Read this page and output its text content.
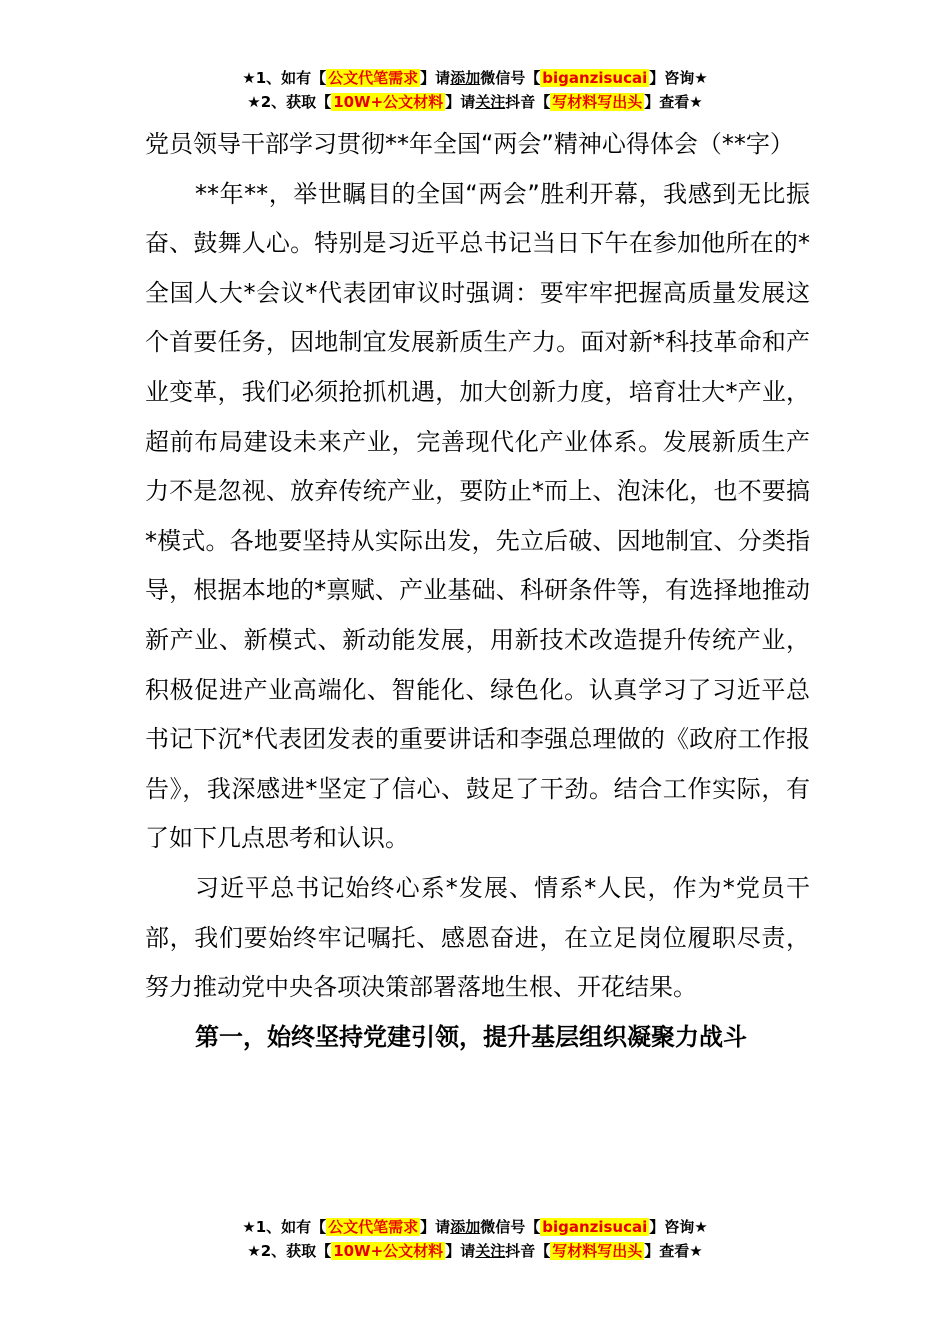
★1、如有【 公文代笔需求 】请添加微信号【 biganzisucai 】咨询★
★2、获取【 10W+公文材料 】请关注抖音【 写材料写出头 】查看★

党员领导干部学习贯彻**年全国“两会”精神心得体会（**字）

**年**，举世瞩目的全国“两会”胜利开幕，我感到无比振奋、鼓舞人心。特别是习近平总书记当日下午在参加他所在的*全国人大*会议*代表团审议时强调：要牢牢把握高质量发展这个首要任务，因地制宜发展新质生产力。面对新*科技革命和产业变革，我们必须抢抓机遇，加大创新力度，培育壮大*产业，超前布局建设未来产业，完善现代化产业体系。发展新质生产力不是忽视、放弃传统产业，要防止*而上、泡沫化，也不要搞*模式。各地要坚持从实际出发，先立后破、因地制宜、分类指导，根据本地的*禀赋、产业基础、科研条件等，有选择地推动新产业、新模式、新动能发展，用新技术改造提升传统产业，积极促进产业高端化、智能化、绿色化。认真学习了习近平总书记下沉*代表团发表的重要讲话和李强总理做的《政府工作报告》，我深感进*坚定了信心、鼓足了干劲。结合工作实际，有了如下几点思考和认识。

习近平总书记始终心系*发展、情系*人民，作为*党员干部，我们要始终牢记嘱托、感恩奋进，在立足岗位履职尽责，努力推动党中央各项决策部署落地生根、开花结果。

第一，始终坚持党建引领，提升基层组织凝聚力战斗

★1、如有【 公文代笔需求 】请添加微信号【 biganzisucai 】咨询★
★2、获取【 10W+公文材料 】请关注抖音【 写材料写出头 】查看★
